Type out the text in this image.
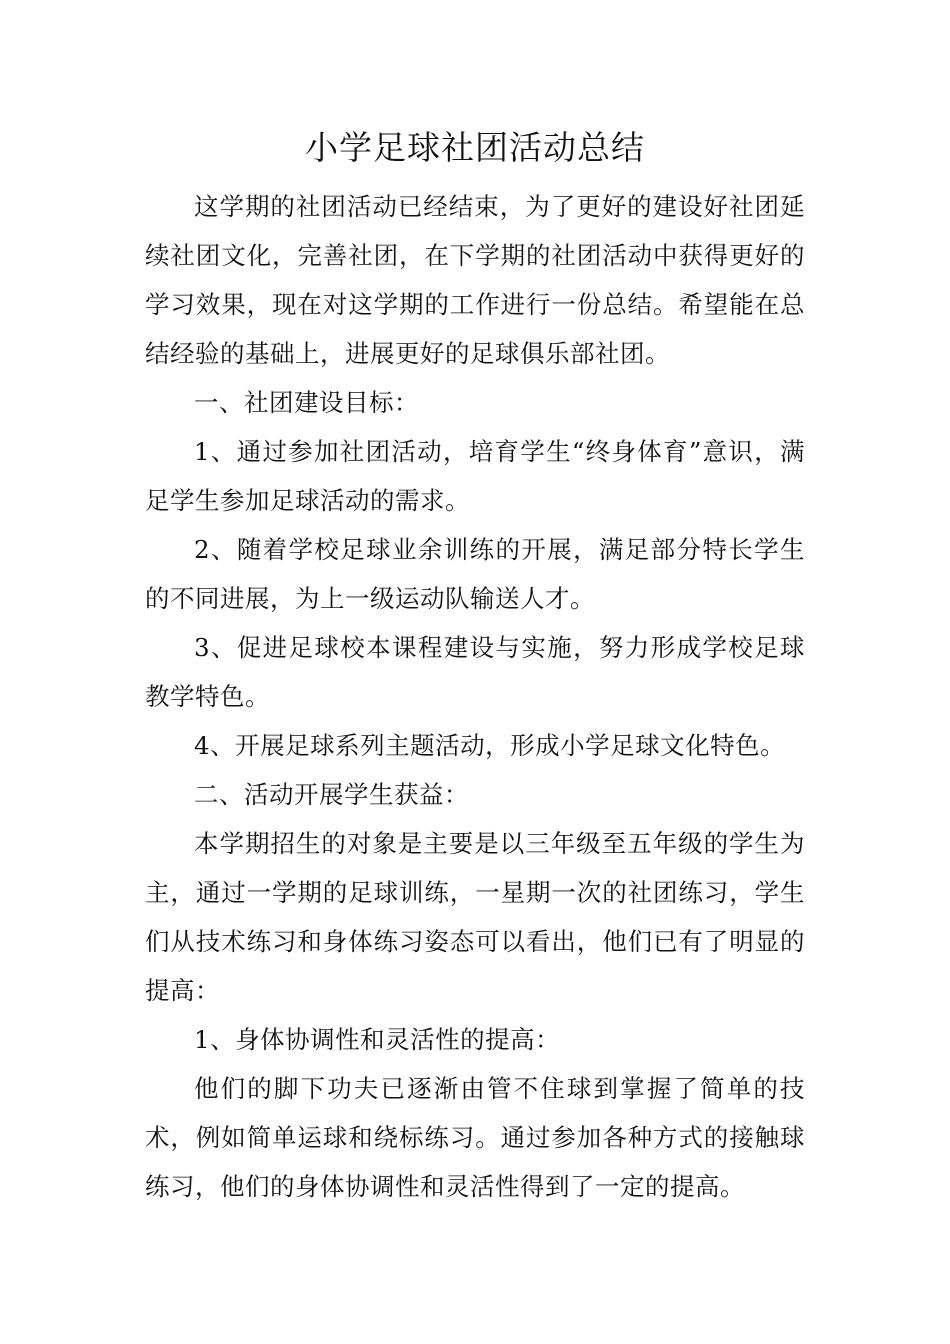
小学足球社团活动总结

这学期的社团活动已经结束，为了更好的建设好社团延续社团文化，完善社团，在下学期的社团活动中获得更好的学习效果，现在对这学期的工作进行一份总结。希望能在总结经验的基础上，进展更好的足球俱乐部社团。

一、社团建设目标：

1、通过参加社团活动，培育学生“终身体育”意识，满足学生参加足球活动的需求。

2、随着学校足球业余训练的开展，满足部分特长学生的不同进展，为上一级运动队输送人才。

3、促进足球校本课程建设与实施，努力形成学校足球教学特色。

4、开展足球系列主题活动，形成小学足球文化特色。

二、活动开展学生获益：

本学期招生的对象是主要是以三年级至五年级的学生为主，通过一学期的足球训练，一星期一次的社团练习，学生们从技术练习和身体练习姿态可以看出，他们已有了明显的提高：

1、身体协调性和灵活性的提高：

他们的脚下功夫已逐渐由管不住球到掌握了简单的技术，例如简单运球和绕标练习。通过参加各种方式的接触球练习，他们的身体协调性和灵活性得到了一定的提高。
